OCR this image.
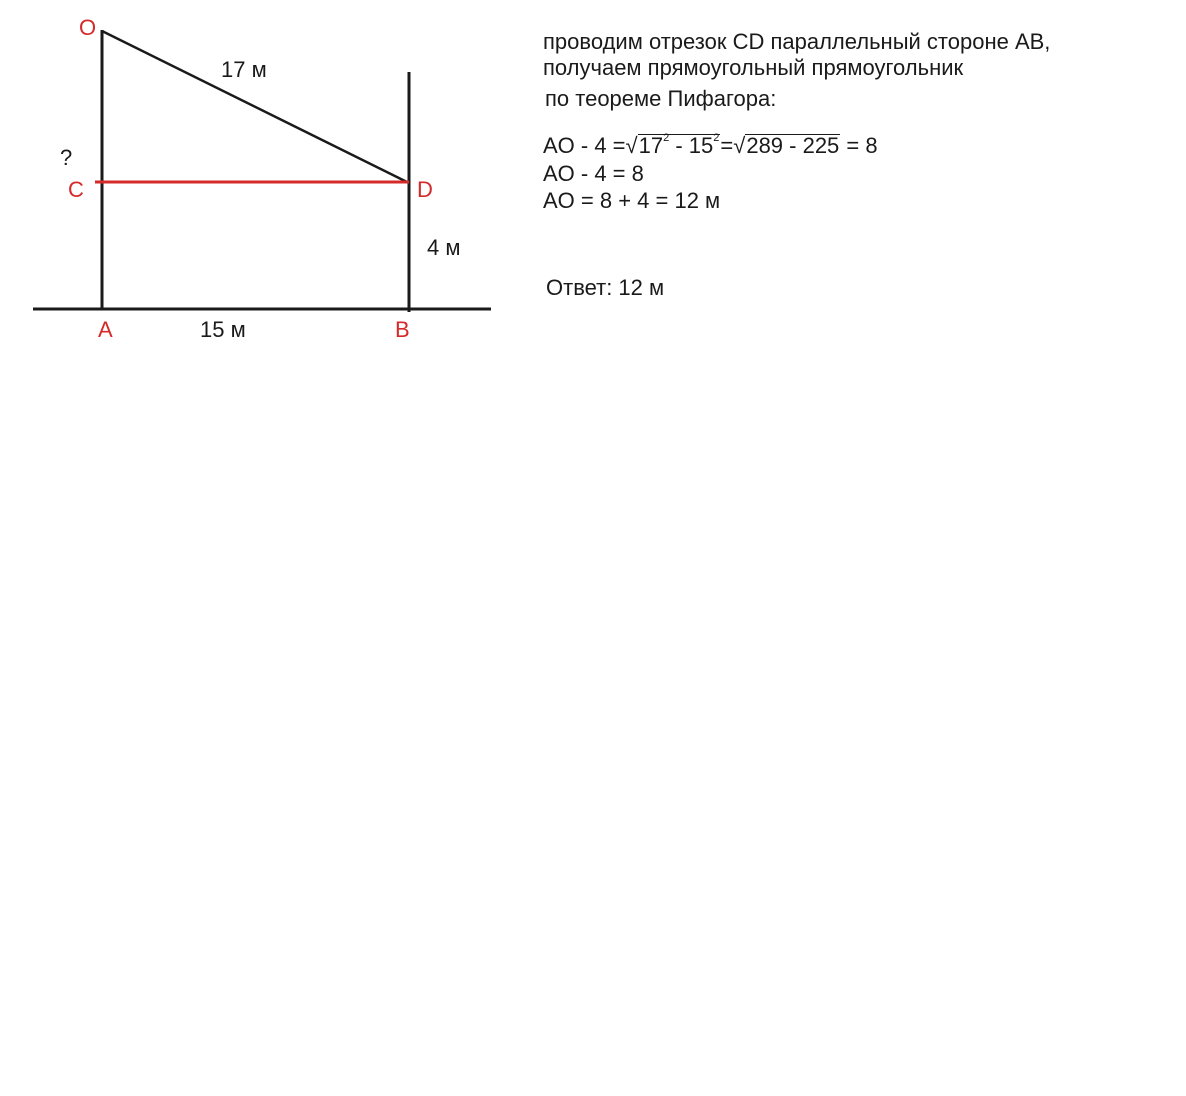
O
C	D
A	B
17 м
?
4 м
15 м
проводим отрезок CD параллельный стороне AB,
получаем прямоугольный прямоугольник
по теореме Пифагора:
AO - $4 =√17^2 - 15^2=√289 - 225 = 8$
AO - 4 = 8
AO = 8 + 4 = 12 м
Ответ: 12 м
